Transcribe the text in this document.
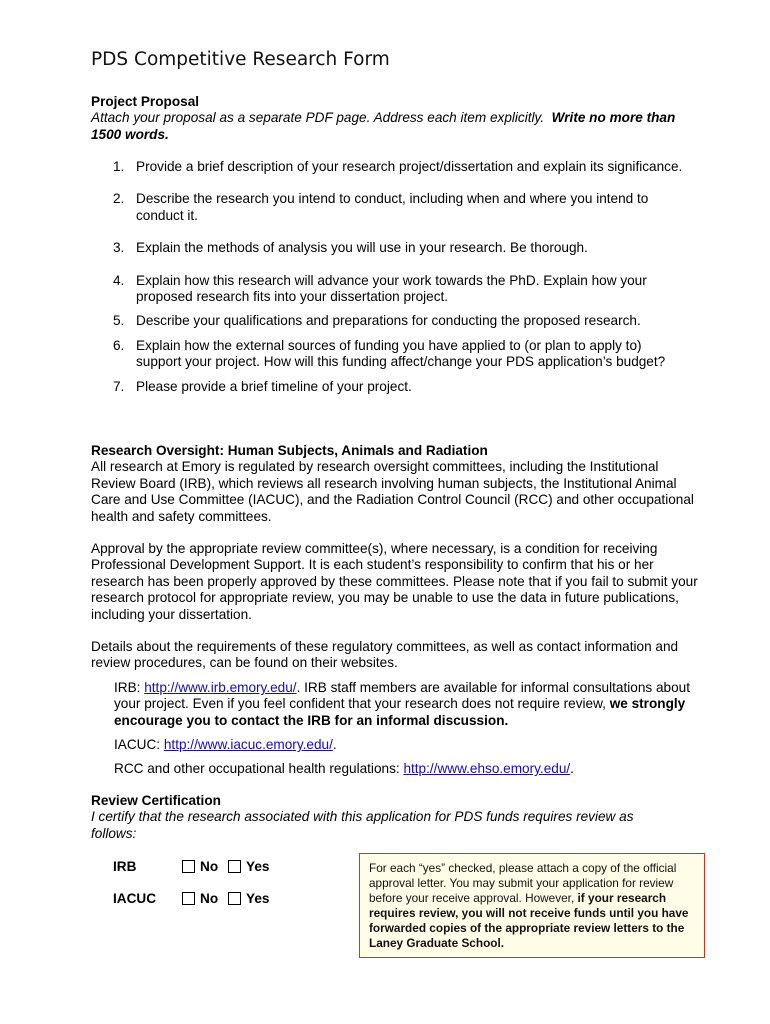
PDS Competitive Research Form

Project Proposal

Attach your proposal as a separate PDF page. Address each item explicitly. Write no more than 1500 words.

1. Provide a brief description of your research project/dissertation and explain its significance.
2. Describe the research you intend to conduct, including when and where you intend to conduct it.
3. Explain the methods of analysis you will use in your research. Be thorough.
4. Explain how this research will advance your work towards the PhD. Explain how your proposed research fits into your dissertation project.
5. Describe your qualifications and preparations for conducting the proposed research.
6. Explain how the external sources of funding you have applied to (or plan to apply to) support your project. How will this funding affect/change your PDS application’s budget?
7. Please provide a brief timeline of your project.

Research Oversight: Human Subjects, Animals and Radiation

All research at Emory is regulated by research oversight committees, including the Institutional Review Board (IRB), which reviews all research involving human subjects, the Institutional Animal Care and Use Committee (IACUC), and the Radiation Control Council (RCC) and other occupational health and safety committees.

Approval by the appropriate review committee(s), where necessary, is a condition for receiving Professional Development Support. It is each student’s responsibility to confirm that his or her research has been properly approved by these committees. Please note that if you fail to submit your research protocol for appropriate review, you may be unable to use the data in future publications, including your dissertation.
Details about the requirements of these regulatory committees, as well as contact information and review procedures, can be found on their websites.
IRB: http://www.irb.emory.edu/. IRB staff members are available for informal consultations about your project. Even if you feel confident that your research does not require review, we strongly encourage you to contact the IRB for an informal discussion.
IACUC: http://www.iacuc.emory.edu/.
RCC and other occupational health regulations: http://www.ehso.emory.edu/.

Review Certification

I certify that the research associated with this application for PDS funds requires review as follows:

IRB	No Yes
IACUC	No Yes
For each “yes” checked, please attach a copy of the official approval letter. You may submit your application for review before your receive approval. However, if your research requires review, you will not receive funds until you have forwarded copies of the appropriate review letters to the Laney Graduate School.
